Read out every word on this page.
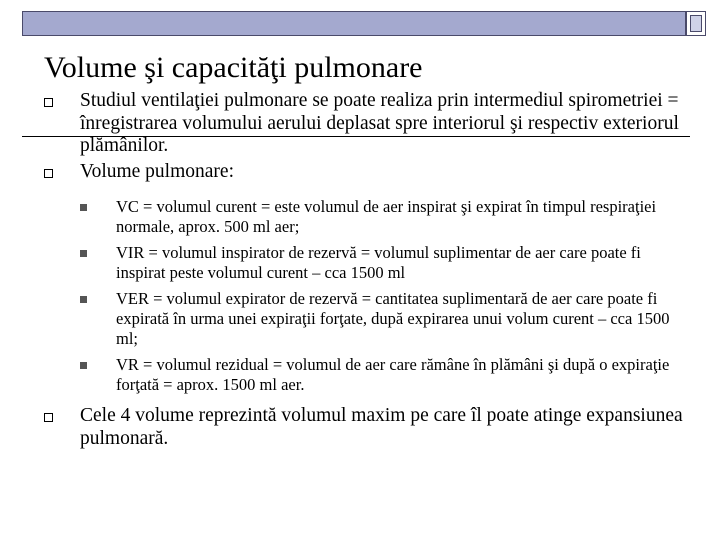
Volume şi capacităţi pulmonare
Studiul ventilaţiei pulmonare se poate realiza prin intermediul spirometriei = înregistrarea volumului aerului deplasat spre interiorul şi respectiv exteriorul plămânilor.
Volume pulmonare:
VC = volumul curent = este volumul de aer inspirat şi expirat în timpul respiraţiei normale, aprox. 500 ml aer;
VIR = volumul inspirator de rezervă = volumul suplimentar de aer care poate fi inspirat peste volumul curent – cca 1500 ml
VER = volumul expirator de rezervă = cantitatea suplimentară de aer care poate fi expirată în urma unei expiraţii forţate, după expirarea unui volum curent – cca 1500 ml;
VR = volumul rezidual = volumul de aer care rămâne în plămâni şi după o expiraţie forţată = aprox. 1500 ml aer.
Cele 4 volume reprezintă volumul maxim pe care îl poate atinge expansiunea pulmonară.
